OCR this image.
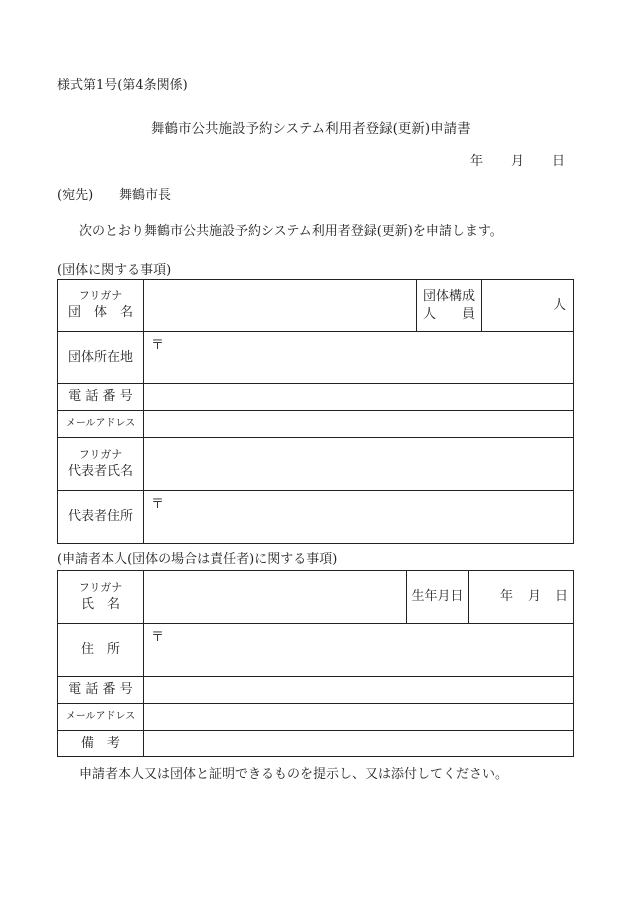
様式第1号(第4条関係)
舞鶴市公共施設予約システム利用者登録(更新)申請書
年 月 日
(宛先) 舞鶴市長
次のとおり舞鶴市公共施設予約システム利用者登録(更新)を申請します。
(団体に関する事項)
フリガナ
団　体　名
団体構成
人　　員
人
団体所在地
〒
電 話 番 号
メールアドレス
フリガナ
代表者氏名
代表者住所
〒
(申請者本人(団体の場合は責任者)に関する事項)
フリガナ
氏　名	生年月日	年 月 日
住　所
〒
電 話 番 号
メールアドレス
備　考
申請者本人又は団体と証明できるものを提示し、又は添付してください。
